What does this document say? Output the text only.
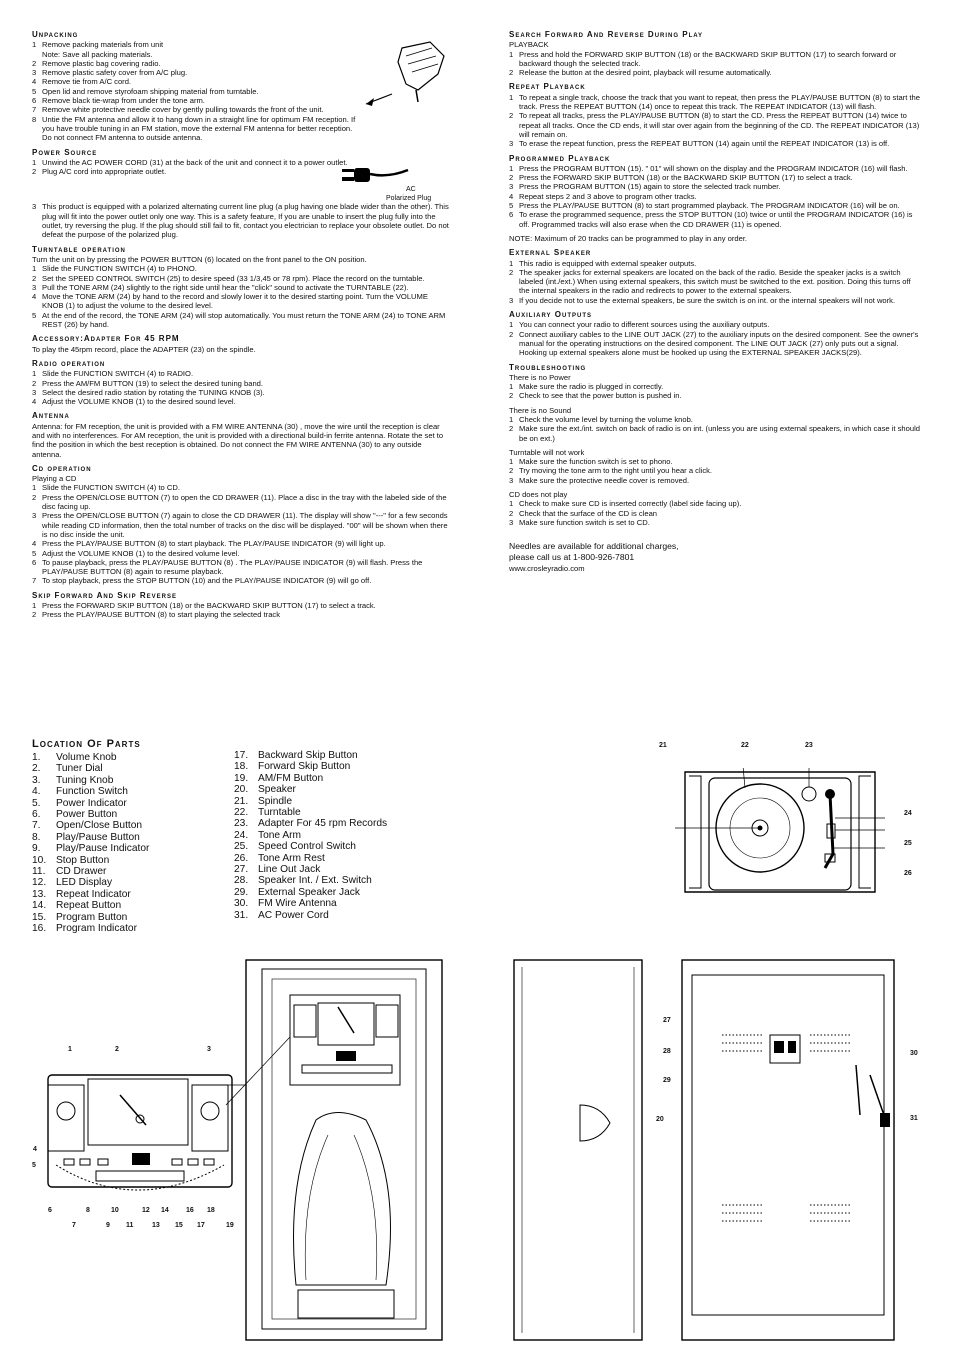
Unpacking
1 Remove packing materials from unit
Note: Save all packing materials.
2 Remove plastic bag covering radio.
3 Remove plastic safety cover from A/C plug.
4 Remove tie from A/C cord.
5 Open lid and remove styrofoam shipping material from turntable.
6 Remove black tie-wrap from under the tone arm.
7 Remove white protective needle cover by gently pulling towards the front of the unit.
8 Untie the FM antenna and allow it to hang down in a straight line for optimum FM reception. If you have trouble tuning in an FM station, move the external FM antenna for better reception. Do not connect FM antenna to outside antenna.
Power Source
1 Unwind the AC POWER CORD (31) at the back of the unit and connect it to a power outlet.
2 Plug A/C cord into appropriate outlet.
3 This product is equipped with a polarized alternating current line plug (a plug having one blade wider than the other). This plug will fit into the power outlet only one way. This is a safety feature, If you are unable to insert the plug fully into the outlet, try reversing the plug. If the plug should still fail to fit, contact you electrician to replace your obsolete outlet. Do not defeat the purpose of the polarized plug.
Turntable operation

Turn the unit on by pressing the POWER BUTTON (6) located on the front panel to the ON position.

1 Slide the FUNCTION SWITCH (4) to PHONO.
2 Set the SPEED CONTROL SWITCH (25) to desire speed (33 1/3,45 or 78 rpm). Place the record on the turntable.
3 Pull the TONE ARM (24) slightly to the right side until hear the "click" sound to activate the TURNTABLE (22).
4 Move the TONE ARM (24) by hand to the record and slowly lower it to the desired starting point. Turn the VOLUME KNOB (1) to adjust the volume to the desired level.
5 At the end of the record, the TONE ARM (24) will stop automatically. You must return the TONE ARM (24) to TONE ARM REST (26) by hand.
Accessory:Adapter For 45 RPM

To play the 45rpm record, place the ADAPTER (23) on the spindle.

Radio operation
1 Slide the FUNCTION SWITCH (4) to RADIO.
2 Press the AM/FM BUTTON (19) to select the desired tuning band.
3 Select the desired radio station by rotating the TUNING KNOB (3).
4 Adjust the VOLUME KNOB (1) to the desired sound level.
Antenna

Antenna: for FM reception, the unit is provided with a FM WIRE ANTENNA (30) , move the wire until the reception is clear and with no interferences. For AM reception, the unit is provided with a directional build-in ferrite antenna. Rotate the set to find the position in which the best reception is obtained. Do not connect the FM WIRE ANTENNA (30) to any outside antenna.

Cd operation

Playing a CD

1 Slide the FUNCTION SWITCH (4) to CD.
2 Press the OPEN/CLOSE BUTTON (7) to open the CD DRAWER (11). Place a disc in the tray with the labeled side of the disc facing up.
3 Press the OPEN/CLOSE BUTTON (7) again to close the CD DRAWER (11). The display will show "---" for a few seconds while reading CD information, then the total number of tracks on the disc will be displayed. "00" will be shown when there is no disc inside the unit.
4 Press the PLAY/PAUSE BUTTON (8) to start playback. The PLAY/PAUSE INDICATOR (9) will light up.
5 Adjust the VOLUME KNOB (1) to the desired volume level.
6 To pause playback, press the PLAY/PAUSE BUTTON (8) . The PLAY/PAUSE INDICATOR (9) will flash. Press the PLAY/PAUSE BUTTON (8) again to resume playback.
7 To stop playback, press the STOP BUTTON (10) and the PLAY/PAUSE INDICATOR (9) will go off.
Skip Forward And Skip Reverse
1 Press the FORWARD SKIP BUTTON (18) or the BACKWARD SKIP BUTTON (17) to select a track.
2 Press the PLAY/PAUSE BUTTON (8) to start playing the selected track
Search Forward And Reverse During Play

PLAYBACK

1 Press and hold the FORWARD SKIP BUTTON (18) or the BACKWARD SKIP BUTTON (17) to search forward or backward though the selected track.
2 Release the button at the desired point, playback will resume automatically.
Repeat Playback
1 To repeat a single track, choose the track that you want to repeat, then press the PLAY/PAUSE BUTTON (8) to start the track. Press the REPEAT BUTTON (14) once to repeat this track. The REPEAT INDICATOR (13) will flash.
2 To repeat all tracks, press the PLAY/PAUSE BUTTON (8) to start the CD. Press the REPEAT BUTTON (14) twice to repeat all tracks. Once the CD ends, it will star over again from the beginning of the CD. The REPEAT INDICATOR (13) will remain on.
3 To erase the repeat function, press the REPEAT BUTTON (14) again until the REPEAT INDICATOR (13) is off.
Programmed Playback
1 Press the PROGRAM BUTTON (15). " 01" will shown on the display and the PROGRAM INDICATOR (16) will flash.
2 Press the FORWARD SKIP BUTTON (18) or the BACKWARD SKIP BUTTON (17) to select a track.
3 Press the PROGRAM BUTTON (15) again to store the selected track number.
4 Repeat steps 2 and 3 above to program other tracks.
5 Press the PLAY/PAUSE BUTTON (8) to start programmed playback. The PROGRAM INDICATOR (16) will be on.
6 To erase the programmed sequence, press the STOP BUTTON (10) twice or until the PROGRAM INDICATOR (16) is off. Programmed tracks will also erase when the CD DRAWER (11) is opened.

NOTE: Maximum of 20 tracks can be programmed to play in any order.

External Speaker
1 This radio is equipped with external speaker outputs.
2 The speaker jacks for external speakers are located on the back of the radio. Beside the speaker jacks is a switch labeled (int./ext.) When using external speakers, this switch must be switched to the ext. position. Doing this turns off the internal speakers in the radio and redirects to power to the external speakers.
3 If you decide not to use the external speakers, be sure the switch is on int. or the internal speakers will not work.
Auxiliary Outputs
1 You can connect your radio to different sources using the auxiliary outputs.
2 Connect auxiliary cables to the LINE OUT JACK (27) to the auxiliary inputs on the desired component. See the owner's manual for the operating instructions on the desired component. The LINE OUT JACK (27) only puts out a signal. Hooking up external speakers alone must be hooked up using the EXTERNAL SPEAKER JACKS(29).
Troubleshooting

There is no Power

1 Make sure the radio is plugged in correctly.
2 Check to see that the power button is pushed in.

There is no Sound

1 Check the volume level by turning the volume knob.
2 Make sure the ext./int. switch on back of radio is on int. (unless you are using external speakers, in which case it should be on ext.)

Turntable will not work

1 Make sure the function switch is set to phono.
2 Try moving the tone arm to the right until you hear a click.
3 Make sure the protective needle cover is removed.

CD does not play

1 Check to make sure CD is inserted correctly (label side facing up).
2 Check that the surface of the CD is clean
3 Make sure function switch is set to CD.

Needles are available for additional charges,

please call us at 1-800-926-7801

www.crosleyradio.com

AC
Polarized Plug
Location Of Parts
1. Volume Knob
2. Tuner Dial
3. Tuning Knob
4. Function Switch
5. Power Indicator
6. Power Button
7. Open/Close Button
8. Play/Pause Button
9. Play/Pause Indicator
10. Stop Button
11. CD Drawer
12. LED Display
13. Repeat Indicator
14. Repeat Button
15. Program Button
16. Program Indicator
17. Backward Skip Button
18. Forward Skip Button
19. AM/FM Button
20. Speaker
21. Spindle
22. Turntable
23. Adapter For 45 rpm Records
24. Tone Arm
25. Speed Control Switch
26. Tone Arm Rest
27. Line Out Jack
28. Speaker Int. / Ext. Switch
29. External Speaker Jack
30. FM Wire Antenna
31. AC Power Cord
21	22	23
24
25
26
1	2	3
4
5
6
7
8
9
10
11
12
13
14
15
16
17
18
19
27
28
29
30
31
20
